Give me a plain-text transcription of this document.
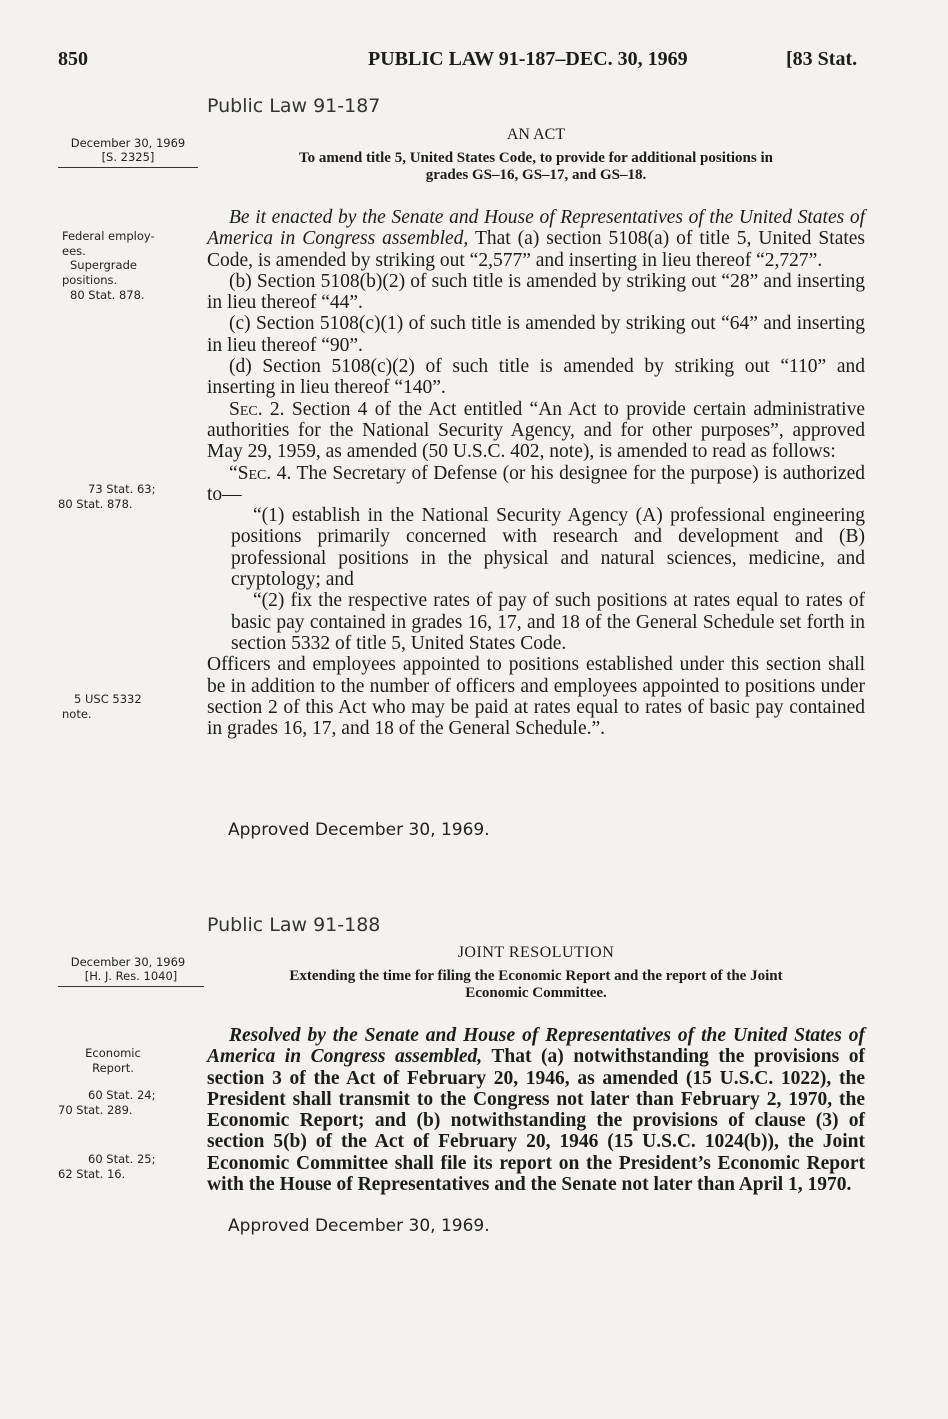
850	PUBLIC LAW 91-187–DEC. 30, 1969	[83 Stat.
Public Law 91-187
December 30, 1969
[S. 2325]
AN ACT
To amend title 5, United States Code, to provide for additional positions in
grades GS–16, GS–17, and GS–18.
Federal employ-
ees.
Supergrade
positions.
80 Stat. 878.
73 Stat. 63;
80 Stat. 878.
5 USC 5332
note.

Be it enacted by the Senate and House of Representatives of the United States of America in Congress assembled, That (a) section 5108(a) of title 5, United States Code, is amended by striking out “2,577” and inserting in lieu thereof “2,727”.

(b) Section 5108(b)(2) of such title is amended by striking out “28” and inserting in lieu thereof “44”.

(c) Section 5108(c)(1) of such title is amended by striking out “64” and inserting in lieu thereof “90”.

(d) Section 5108(c)(2) of such title is amended by striking out “110” and inserting in lieu thereof “140”.

Sec. 2. Section 4 of the Act entitled “An Act to provide certain administrative authorities for the National Security Agency, and for other purposes”, approved May 29, 1959, as amended (50 U.S.C. 402, note), is amended to read as follows:

“Sec. 4. The Secretary of Defense (or his designee for the purpose) is authorized to—

“(1) establish in the National Security Agency (A) professional engineering positions primarily concerned with research and development and (B) professional positions in the physical and natural sciences, medicine, and cryptology; and

“(2) fix the respective rates of pay of such positions at rates equal to rates of basic pay contained in grades 16, 17, and 18 of the General Schedule set forth in section 5332 of title 5, United States Code.

Officers and employees appointed to positions established under this section shall be in addition to the number of officers and employees appointed to positions under section 2 of this Act who may be paid at rates equal to rates of basic pay contained in grades 16, 17, and 18 of the General Schedule.”.

Approved December 30, 1969.
Public Law 91-188
December 30, 1969
[H. J. Res. 1040]
JOINT RESOLUTION
Extending the time for filing the Economic Report and the report of the Joint
Economic Committee.
Economic
Report.
60 Stat. 24;
70 Stat. 289.
60 Stat. 25;
62 Stat. 16.

Resolved by the Senate and House of Representatives of the United States of America in Congress assembled, That (a) notwithstanding the provisions of section 3 of the Act of February 20, 1946, as amended (15 U.S.C. 1022), the President shall transmit to the Congress not later than February 2, 1970, the Economic Report; and (b) notwithstanding the provisions of clause (3) of section 5(b) of the Act of February 20, 1946 (15 U.S.C. 1024(b)), the Joint Economic Committee shall file its report on the President’s Economic Report with the House of Representatives and the Senate not later than April 1, 1970.

Approved December 30, 1969.
